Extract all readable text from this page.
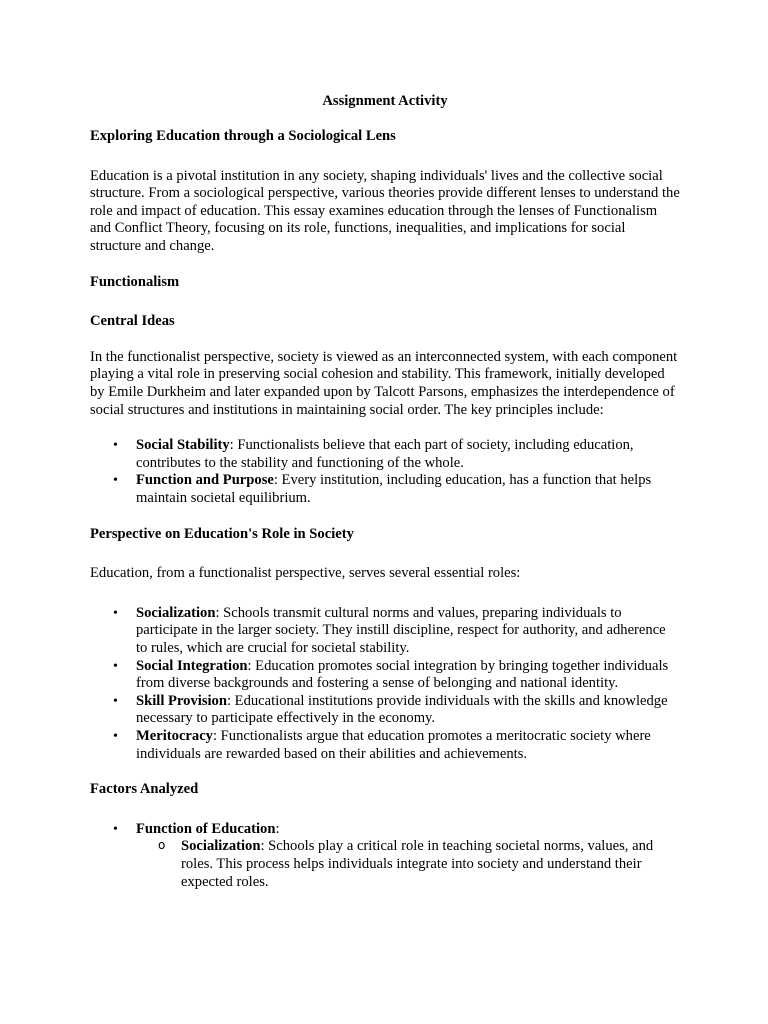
Assignment Activity

Exploring Education through a Sociological Lens

Education is a pivotal institution in any society, shaping individuals' lives and the collective social structure. From a sociological perspective, various theories provide different lenses to understand the role and impact of education. This essay examines education through the lenses of Functionalism and Conflict Theory, focusing on its role, functions, inequalities, and implications for social structure and change.

Functionalism
Central Ideas

In the functionalist perspective, society is viewed as an interconnected system, with each component playing a vital role in preserving social cohesion and stability. This framework, initially developed by Emile Durkheim and later expanded upon by Talcott Parsons, emphasizes the interdependence of social structures and institutions in maintaining social order. The key principles include:

• Social Stability: Functionalists believe that each part of society, including education, contributes to the stability and functioning of the whole.
• Function and Purpose: Every institution, including education, has a function that helps maintain societal equilibrium.
Perspective on Education's Role in Society

Education, from a functionalist perspective, serves several essential roles:

• Socialization: Schools transmit cultural norms and values, preparing individuals to participate in the larger society. They instill discipline, respect for authority, and adherence to rules, which are crucial for societal stability.
• Social Integration: Education promotes social integration by bringing together individuals from diverse backgrounds and fostering a sense of belonging and national identity.
• Skill Provision: Educational institutions provide individuals with the skills and knowledge necessary to participate effectively in the economy.
• Meritocracy: Functionalists argue that education promotes a meritocratic society where individuals are rewarded based on their abilities and achievements.
Factors Analyzed
• Function of Education:
o Socialization: Schools play a critical role in teaching societal norms, values, and roles. This process helps individuals integrate into society and understand their expected roles.
